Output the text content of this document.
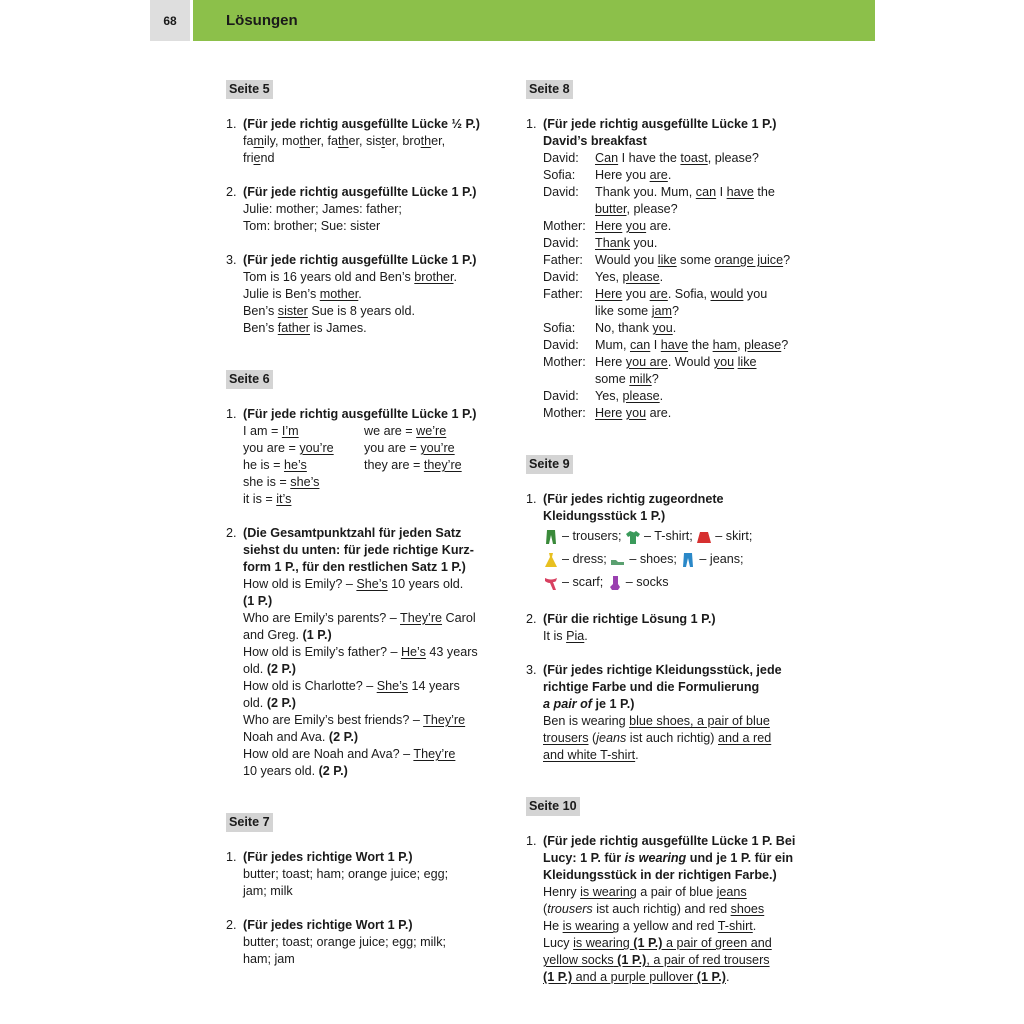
68	Lösungen
Seite 5
1. (Für jede richtig ausgefüllte Lücke ½ P.)
family, mother, father, sister, brother,
friend
2. (Für jede richtig ausgefüllte Lücke 1 P.)
Julie: mother; James: father;
Tom: brother; Sue: sister
3. (Für jede richtig ausgefüllte Lücke 1 P.)
Tom is 16 years old and Ben’s brother.
Julie is Ben’s mother.
Ben’s sister Sue is 8 years old.
Ben’s father is James.
Seite 6
1. (Für jede richtig ausgefüllte Lücke 1 P.)
I am = I’m	we are = we’re
you are = you’re	you are = you’re
he is = he’s	they are = they’re
she is = she’s
it is = it’s
2. (Die Gesamtpunktzahl für jeden Satz
siehst du unten: für jede richtige Kurz-
form 1 P., für den restlichen Satz 1 P.)
How old is Emily? – She’s 10 years old.
(1 P.)
Who are Emily’s parents? – They’re Carol
and Greg. (1 P.)
How old is Emily’s father? – He’s 43 years
old. (2 P.)
How old is Charlotte? – She’s 14 years
old. (2 P.)
Who are Emily’s best friends? – They’re
Noah and Ava. (2 P.)
How old are Noah and Ava? – They’re
10 years old. (2 P.)
Seite 7
1. (Für jedes richtige Wort 1 P.)
butter; toast; ham; orange juice; egg;
jam; milk
2. (Für jedes richtige Wort 1 P.)
butter; toast; orange juice; egg; milk;
ham; jam
Seite 8
1. (Für jede richtig ausgefüllte Lücke 1 P.)
David’s breakfast
David:	Can I have the toast, please?
Sofia:	Here you are.
David:	Thank you. Mum, can I have the
butter, please?
Mother: Here you are.
David:	Thank you.
Father: Would you like some orange juice?
David:	Yes, please.
Father: Here you are. Sofia, would you
like some jam?
Sofia:	No, thank you.
David:	Mum, can I have the ham, please?
Mother: Here you are. Would you like
some milk?
David:	Yes, please.
Mother: Here you are.
Seite 9
1. (Für jedes richtig zugeordnete
Kleidungsstück 1 P.)
– trousers;
– T-shirt;
– skirt;
– dress;
– shoes;
– jeans;
– scarf;
– socks
2. (Für die richtige Lösung 1 P.)
It is Pia.
3. (Für jedes richtige Kleidungsstück, jede
richtige Farbe und die Formulierung
a pair of je 1 P.)
Ben is wearing blue shoes, a pair of blue
trousers (jeans ist auch richtig) and a red
and white T-shirt.
Seite 10
1. (Für jede richtig ausgefüllte Lücke 1 P. Bei
Lucy: 1 P. für is wearing und je 1 P. für ein
Kleidungsstück in der richtigen Farbe.)
Henry is wearing a pair of blue jeans
(trousers ist auch richtig) and red shoes
He is wearing a yellow and red T-shirt.
Lucy is wearing (1 P.) a pair of green and
yellow socks (1 P.), a pair of red trousers
(1 P.) and a purple pullover (1 P.).
